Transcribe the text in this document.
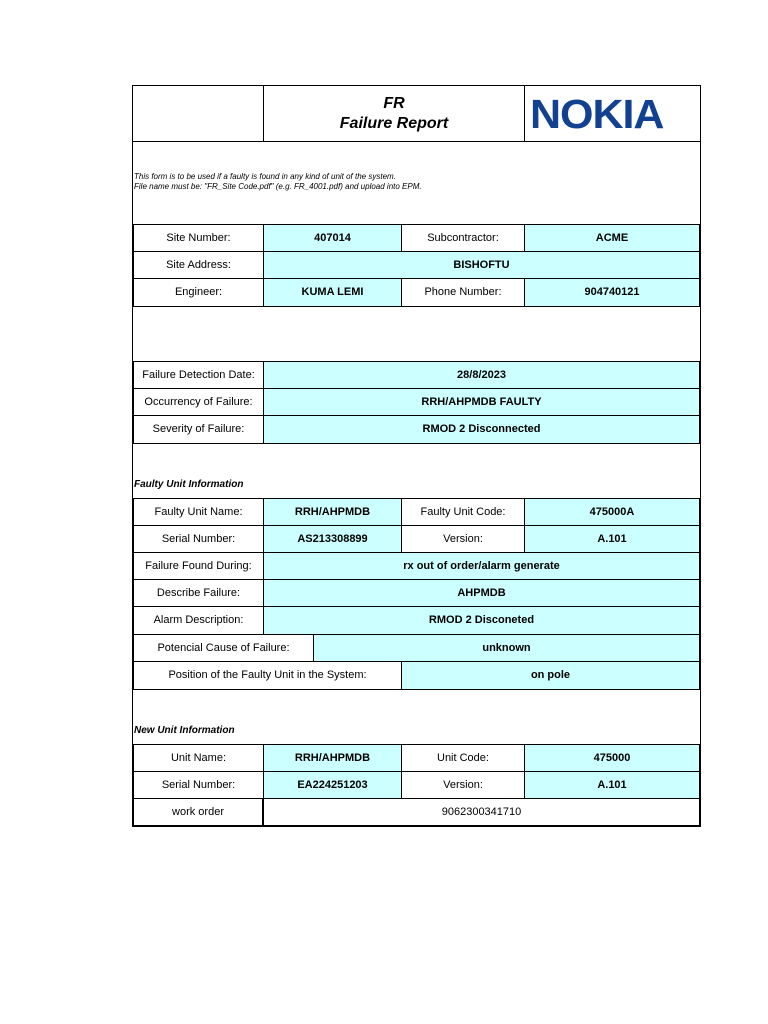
FR
Failure Report NOKIA
This form is to be used if a faulty is found in any kind of unit of the system.
File name must be: "FR_Site Code.pdf" (e.g. FR_4001.pdf) and upload into EPM.
Site Number:	407014	Subcontractor:	ACME
Site Address:	BISHOFTU
Engineer:	KUMA LEMI	Phone Number:	904740121
Failure Detection Date:	28/8/2023
Occurrency of Failure:	RRH/AHPMDB FAULTY
Severity of Failure:	RMOD 2 Disconnected
Faulty Unit Information
Faulty Unit Name:	RRH/AHPMDB	Faulty Unit Code:	475000A
Serial Number:	AS213308899	Version:	A.101
Failure Found During:	rx out of order/alarm generate
Describe Failure:	AHPMDB
Alarm Description:	RMOD 2 Disconeted
Potencial Cause of Failure:	unknown
Position of the Faulty Unit in the System:	on pole
New Unit Information
Unit Name:	RRH/AHPMDB	Unit Code:	475000
Serial Number:	EA224251203	Version:	A.101
work order	9062300341710
